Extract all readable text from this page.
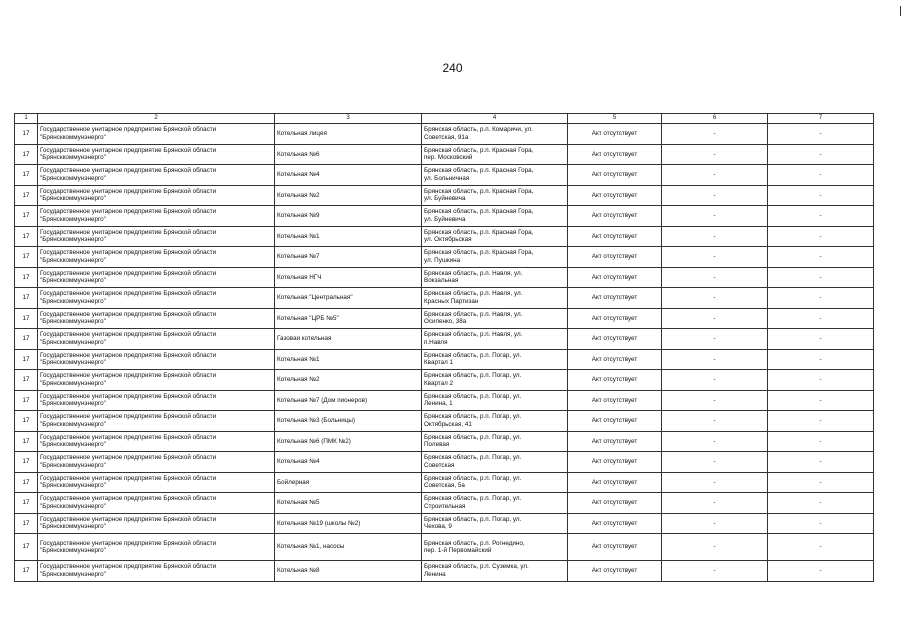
240
1	2	3	4	5	6	7

17	Государственное унитарное предприятие Брянской области
"Брянсккоммунэнерго"	Котельная лицея	Брянская область, р.п. Комаричи, ул.
Советская, 91а	Акт отсутствует	-	-

17	Государственное унитарное предприятие Брянской области
"Брянсккоммунэнерго"	Котельная №6	Брянская область, р.п. Красная Гора,
пер. Московский	Акт отсутствует	-	-

17	Государственное унитарное предприятие Брянской области
"Брянсккоммунэнерго"	Котельная №4	Брянская область, р.п. Красная Гора,
ул. Больничная	Акт отсутствует	-	-

17	Государственное унитарное предприятие Брянской области
"Брянсккоммунэнерго"	Котельная №2	Брянская область, р.п. Красная Гора,
ул. Буйневича	Акт отсутствует	-	-

17	Государственное унитарное предприятие Брянской области
"Брянсккоммунэнерго"	Котельная №9	Брянская область, р.п. Красная Гора,
ул. Буйневича	Акт отсутствует	-	-

17	Государственное унитарное предприятие Брянской области
"Брянсккоммунэнерго"	Котельная №1	Брянская область, р.п. Красная Гора,
ул. Октябрьская	Акт отсутствует	-	-

17	Государственное унитарное предприятие Брянской области
"Брянсккоммунэнерго"	Котельная №7	Брянская область, р.п. Красная Гора,
ул. Пушкина	Акт отсутствует	-	-

17	Государственное унитарное предприятие Брянской области
"Брянсккоммунэнерго"	Котельная НГЧ	Брянская область, р.п. Навля, ул.
Вокзальная	Акт отсутствует	-	-

17	Государственное унитарное предприятие Брянской области
"Брянсккоммунэнерго"	Котельная "Центральная"	Брянская область, р.п. Навля, ул.
Красных Партизан	Акт отсутствует	-	-

17	Государственное унитарное предприятие Брянской области
"Брянсккоммунэнерго"	Котельная "ЦРБ №5"	Брянская область, р.п. Навля, ул.
Осипенко, 38а	Акт отсутствует	-	-

17	Государственное унитарное предприятие Брянской области
"Брянсккоммунэнерго"	Газовая котельная	Брянская область, р.п. Навля, ул.
п.Навля	Акт отсутствует	-	-

17	Государственное унитарное предприятие Брянской области
"Брянсккоммунэнерго"	Котельная №1	Брянская область, р.п. Погар, ул.
Квартал 1	Акт отсутствует	-	-

17	Государственное унитарное предприятие Брянской области
"Брянсккоммунэнерго"	Котельная №2	Брянская область, р.п. Погар, ул.
Квартал 2	Акт отсутствует	-	-

17	Государственное унитарное предприятие Брянской области
"Брянсккоммунэнерго"	Котельная №7 (Дом пионеров)	Брянская область, р.п. Погар, ул.
Ленина, 1	Акт отсутствует	-	-

17	Государственное унитарное предприятие Брянской области
"Брянсккоммунэнерго"	Котельная №3 (Больницы)	Брянская область, р.п. Погар, ул.
Октябрьская, 41	Акт отсутствует	-	-

17	Государственное унитарное предприятие Брянской области
"Брянсккоммунэнерго"	Котельная №6 (ПМК №2)	Брянская область, р.п. Погар, ул.
Полевая	Акт отсутствует	-	-

17	Государственное унитарное предприятие Брянской области
"Брянсккоммунэнерго"	Котельная №4	Брянская область, р.п. Погар, ул.
Советская	Акт отсутствует	-	-

17	Государственное унитарное предприятие Брянской области
"Брянсккоммунэнерго"	Бойлерная	Брянская область, р.п. Погар, ул.
Советская, 5а	Акт отсутствует	-	-

17	Государственное унитарное предприятие Брянской области
"Брянсккоммунэнерго"	Котельная №5	Брянская область, р.п. Погар, ул.
Строительная	Акт отсутствует	-	-

17	Государственное унитарное предприятие Брянской области
"Брянсккоммунэнерго"	Котельная №19 (школы №2)	Брянская область, р.п. Погар, ул.
Чехова, 9	Акт отсутствует	-	-

17	Государственное унитарное предприятие Брянской области
"Брянсккоммунэнерго"	Котельная №1, насосы	Брянская область, р.п. Рогнедино,
пер. 1-й Первомайский	Акт отсутствует	-	-

17	Государственное унитарное предприятие Брянской области
"Брянсккоммунэнерго"	Котельная №8	Брянская область, р.п. Суземка, ул.
Ленина	Акт отсутствует	-	-
